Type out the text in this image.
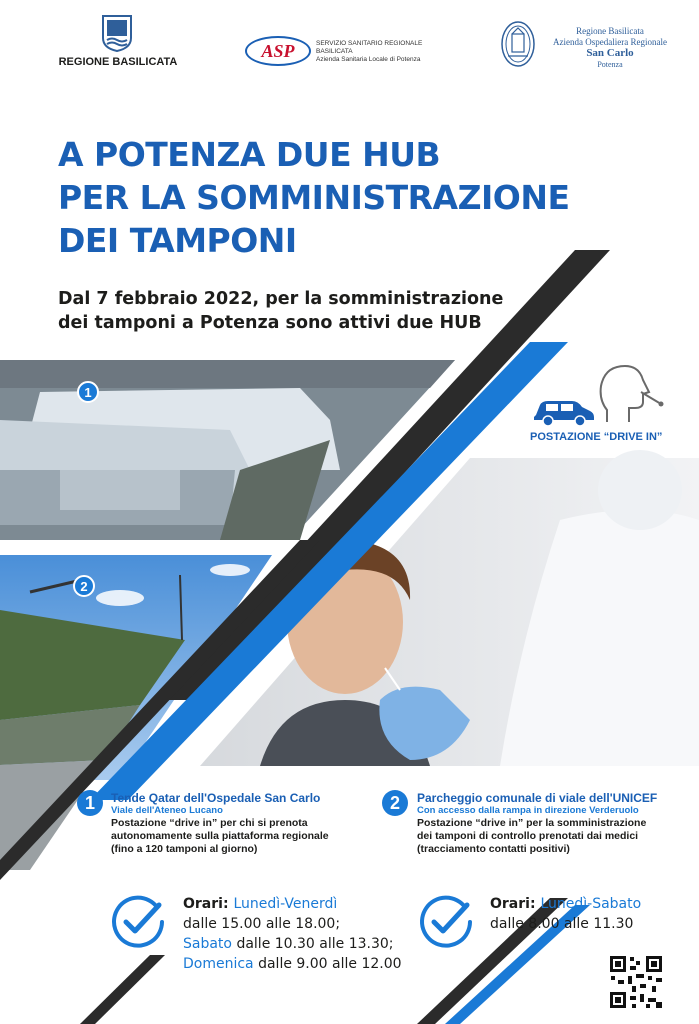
REGIONE BASILICATA
ASP	SERVIZIO SANITARIO REGIONALE
BASILICATA
Azienda Sanitaria Locale di Potenza
Regione Basilicata
Azienda Ospedaliera Regionale
San Carlo
Potenza
A POTENZA DUE HUB
PER LA SOMMINISTRAZIONE
DEI TAMPONI
Dal 7 febbraio 2022, per la somministrazione
dei tamponi a Potenza sono attivi due HUB
1
2
POSTAZIONE “DRIVE IN”
1	Tende Qatar dell'Ospedale San Carlo
Viale dell'Ateneo Lucano
Postazione “drive in” per chi si prenota
autonomamente sulla piattaforma regionale
(fino a 120 tamponi al giorno)
2	Parcheggio comunale di viale dell'UNICEF
Con accesso dalla rampa in direzione Verderuolo
Postazione “drive in” per la somministrazione
dei tamponi di controllo prenotati dai medici
(tracciamento contatti positivi)
Orari: Lunedì-Venerdì
dalle 15.00 alle 18.00;
Sabato dalle 10.30 alle 13.30;
Domenica dalle 9.00 alle 12.00
Orari: Lunedì-Sabato
dalle 8.00 alle 11.30
